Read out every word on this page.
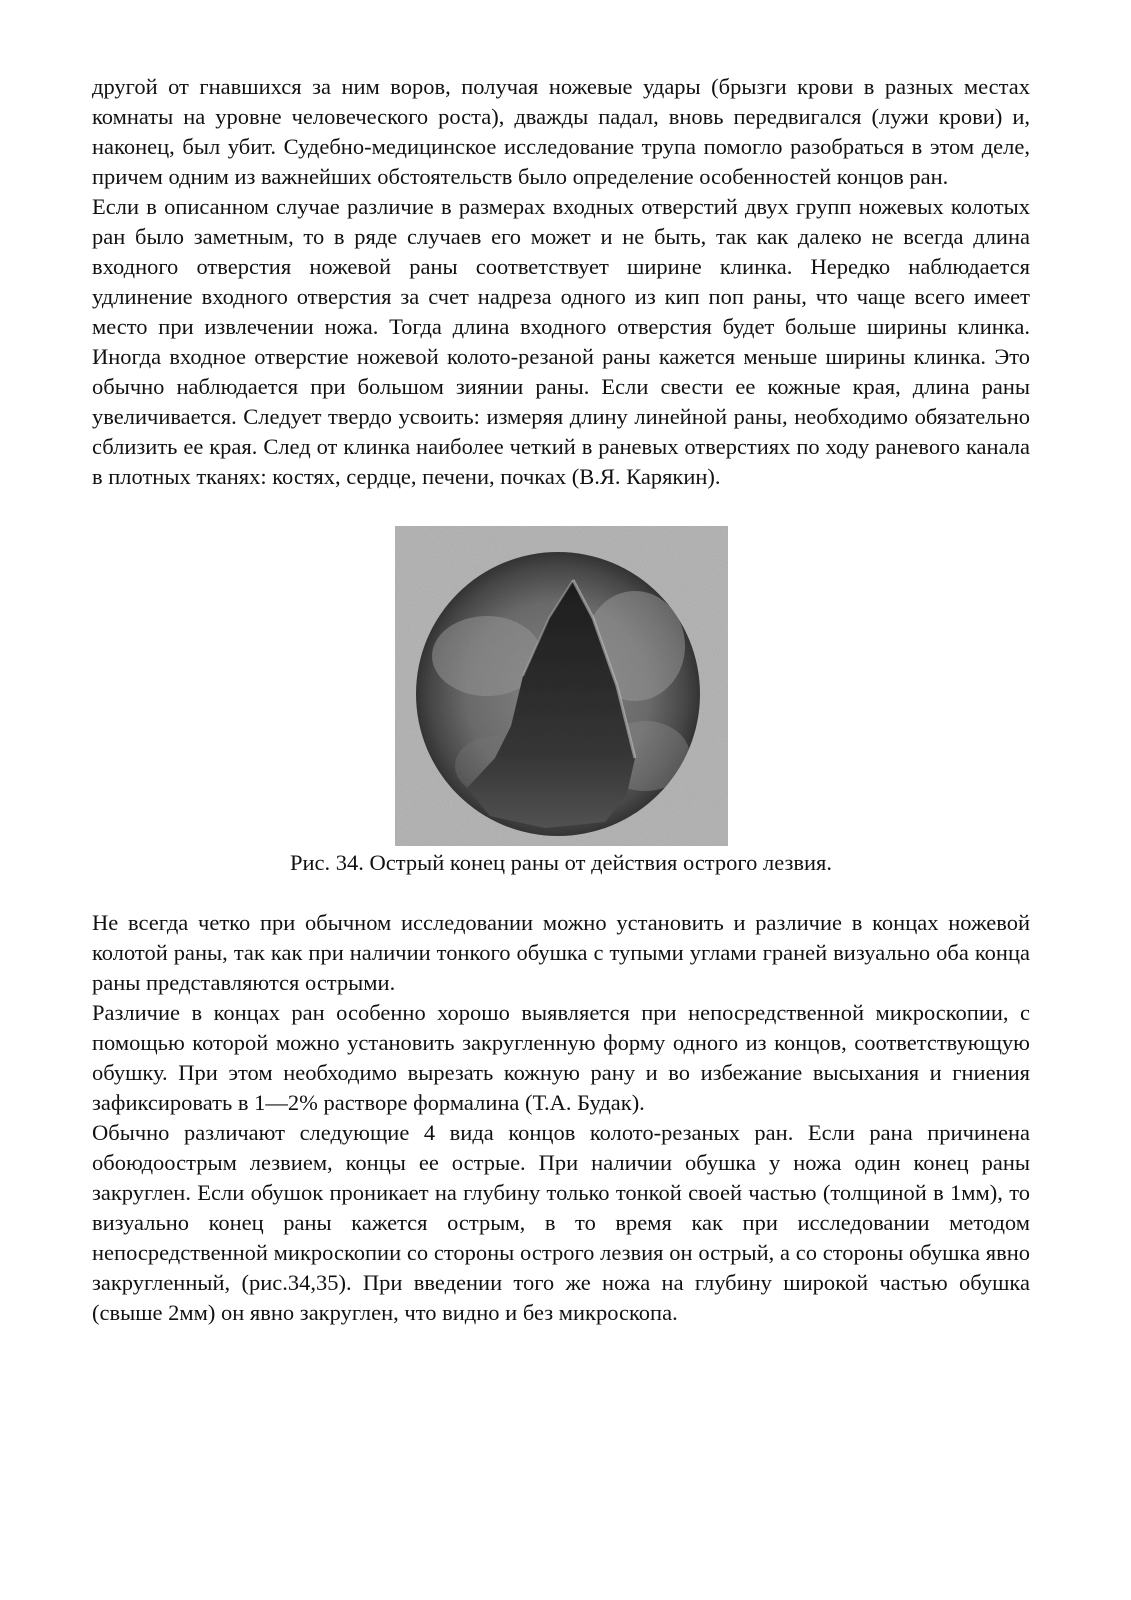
другой от гнавшихся за ним воров, получая ножевые удары (брызги крови в разных местах комнаты на уровне человеческого роста), дважды падал, вновь передвигался (лужи крови) и, наконец, был убит. Судебно-медицинское исследование трупа помогло разобраться в этом деле, причем одним из важнейших обстоятельств было определение особенностей концов ран.

Если в описанном случае различие в размерах входных отверстий двух групп ножевых колотых ран было заметным, то в ряде случаев его может и не быть, так как далеко не всегда длина входного отверстия ножевой раны соответствует ширине клинка. Нередко наблюдается удлинение входного отверстия за счет надреза одного из кип поп раны, что чаще всего имеет место при извлечении ножа. Тогда длина входного отверстия будет больше ширины клинка. Иногда входное отверстие ножевой колото-резаной раны кажется меньше ширины клинка. Это обычно наблюдается при большом зиянии раны. Если свести ее кожные края, длина раны увеличивается. Следует твердо усвоить: измеряя длину линейной раны, необходимо обязательно сблизить ее края. След от клинка наиболее четкий в раневых отверстиях по ходу раневого канала в плотных тканях: костях, сердце, печени, почках (В.Я. Карякин).

Рис. 34. Острый конец раны от действия острого лезвия.

Не всегда четко при обычном исследовании можно установить и различие в концах ножевой колотой раны, так как при наличии тонкого обушка с тупыми углами граней визуально оба конца раны представляются острыми.

Различие в концах ран особенно хорошо выявляется при непосредственной микроскопии, с помощью которой можно установить закругленную форму одного из концов, соответствующую обушку. При этом необходимо вырезать кожную рану и во избежание высыхания и гниения зафиксировать в 1—2% растворе формалина (Т.А. Будак).

Обычно различают следующие 4 вида концов колото-резаных ран. Если рана причинена обоюдоострым лезвием, концы ее острые. При наличии обушка у ножа один конец раны закруглен. Если обушок проникает на глубину только тонкой своей частью (толщиной в 1мм), то визуально конец раны кажется острым, в то время как при исследовании методом непосредственной микроскопии со стороны острого лезвия он острый, а со стороны обушка явно закругленный, (рис.34,35). При введении того же ножа на глубину широкой частью обушка (свыше 2мм) он явно закруглен, что видно и без микроскопа.
